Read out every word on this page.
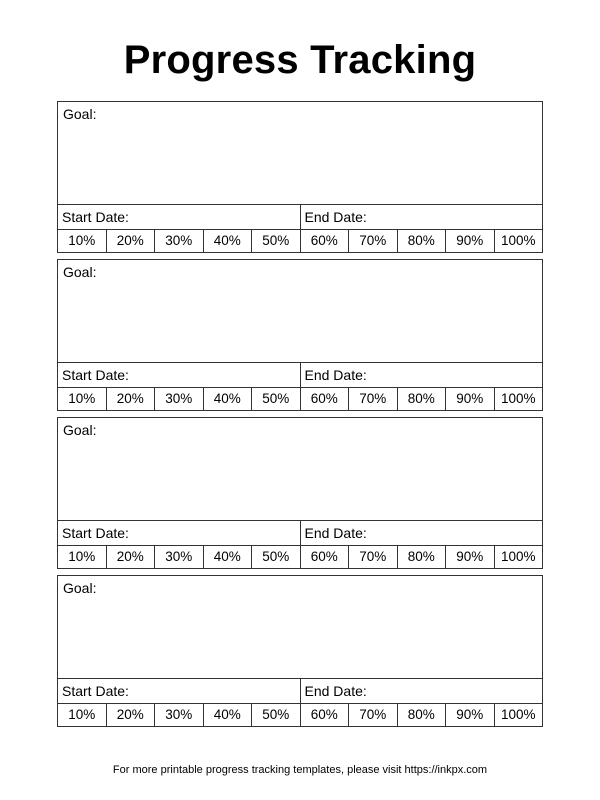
Progress Tracking
Goal:
Start Date:	End Date:
10%	20%	30%	40%	50%	60%	70%	80%	90%	100%
Goal:
Start Date:	End Date:
10%	20%	30%	40%	50%	60%	70%	80%	90%	100%
Goal:
Start Date:	End Date:
10%	20%	30%	40%	50%	60%	70%	80%	90%	100%
Goal:
Start Date:	End Date:
10%	20%	30%	40%	50%	60%	70%	80%	90%	100%
For more printable progress tracking templates, please visit https://inkpx.com
